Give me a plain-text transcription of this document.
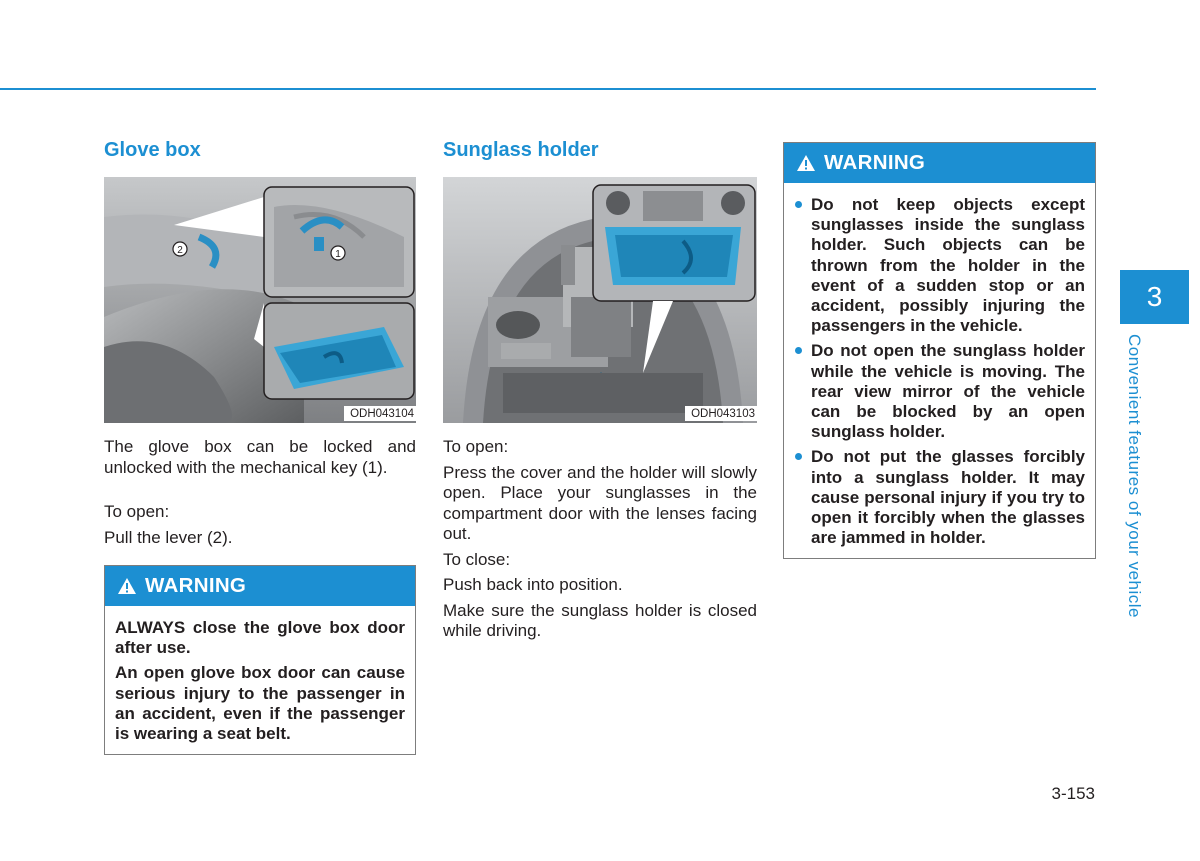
Glove box
2	1
ODH043104

The glove box can be locked and unlocked with the mechanical key (1).

To open:

Pull the lever (2).

WARNING

ALWAYS close the glove box door after use.

An open glove box door can cause serious injury to the passenger in an accident, even if the passenger is wearing a seat belt.

Sunglass holder
ODH043103

To open:

Press the cover and the holder will slowly open. Place your sunglasses in the compartment door with the lenses facing out.

To close:

Push back into position.

Make sure the sunglass holder is closed while driving.

WARNING
Do not keep objects except sunglasses inside the sunglass holder. Such objects can be thrown from the holder in the event of a sudden stop or an accident, possibly injuring the passengers in the vehicle.
Do not open the sunglass holder while the vehicle is moving. The rear view mirror of the vehicle can be blocked by an open sunglass holder.
Do not put the glasses forcibly into a sunglass holder. It may cause personal injury if you try to open it forcibly when the glasses are jammed in holder.
3
Convenient features of your vehicle
3-153
